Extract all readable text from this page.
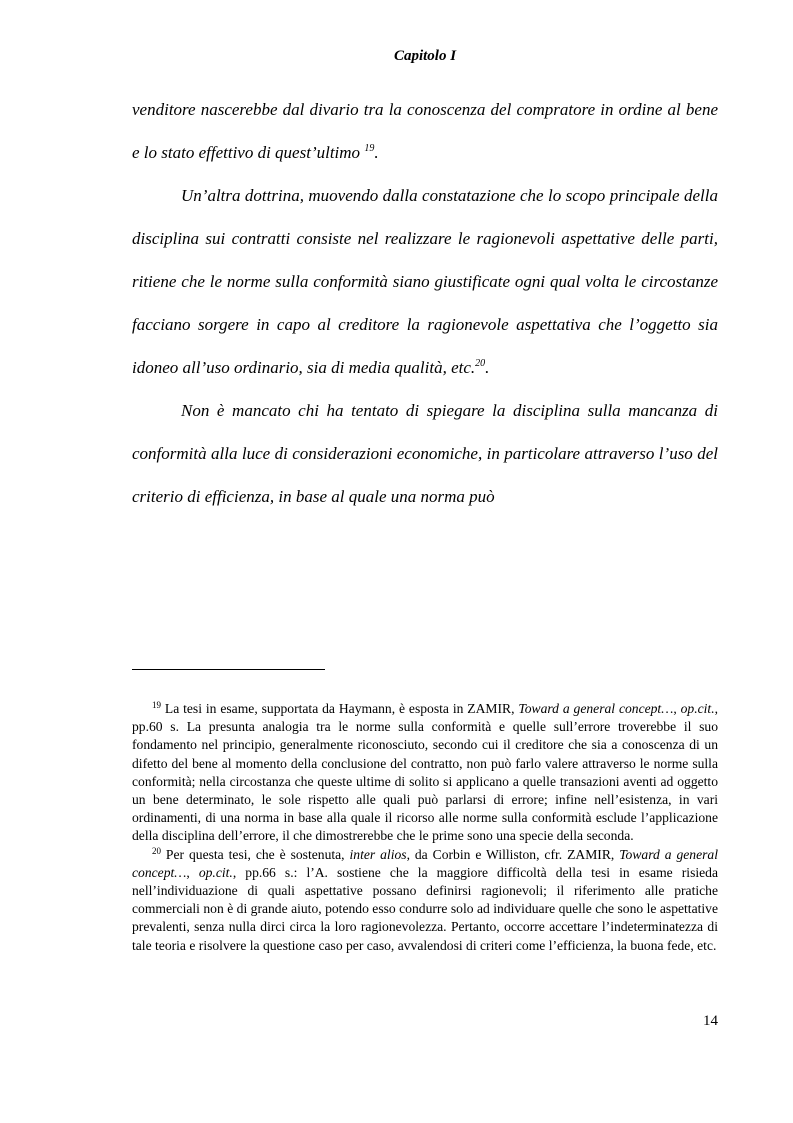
Capitolo I

venditore nascerebbe dal divario tra la conoscenza del compratore in ordine al bene e lo stato effettivo di quest’ultimo $^{19}$.

Un’altra dottrina, muovendo dalla constatazione che lo scopo principale della disciplina sui contratti consiste nel realizzare le ragionevoli aspettative delle parti, ritiene che le norme sulla conformità siano giustificate ogni qual volta le circostanze facciano sorgere in capo al creditore la ragionevole aspettativa che l’oggetto sia idoneo all’uso ordinario, sia di media qualità, etc.$^{20}$.

Non è mancato chi ha tentato di spiegare la disciplina sulla mancanza di conformità alla luce di considerazioni economiche, in particolare attraverso l’uso del criterio di efficienza, in base al quale una norma può

$^{19}$ La tesi in esame, supportata da Haymann, è esposta in ZAMIR, Toward a general concept…, op.cit., pp.60 s. La presunta analogia tra le norme sulla conformità e quelle sull’errore troverebbe il suo fondamento nel principio, generalmente riconosciuto, secondo cui il creditore che sia a conoscenza di un difetto del bene al momento della conclusione del contratto, non può farlo valere attraverso le norme sulla conformità; nella circostanza che queste ultime di solito si applicano a quelle transazioni aventi ad oggetto un bene determinato, le sole rispetto alle quali può parlarsi di errore; infine nell’esistenza, in vari ordinamenti, di una norma in base alla quale il ricorso alle norme sulla conformità esclude l’applicazione della disciplina dell’errore, il che dimostrerebbe che le prime sono una specie della seconda.

$^{20}$ Per questa tesi, che è sostenuta, inter alios, da Corbin e Williston, cfr. ZAMIR, Toward a general concept…, op.cit., pp.66 s.: l’A. sostiene che la maggiore difficoltà della tesi in esame risieda nell’individuazione di quali aspettative possano definirsi ragionevoli; il riferimento alle pratiche commerciali non è di grande aiuto, potendo esso condurre solo ad individuare quelle che sono le aspettative prevalenti, senza nulla dirci circa la loro ragionevolezza. Pertanto, occorre accettare l’indeterminatezza di tale teoria e risolvere la questione caso per caso, avvalendosi di criteri come l’efficienza, la buona fede, etc.

14
